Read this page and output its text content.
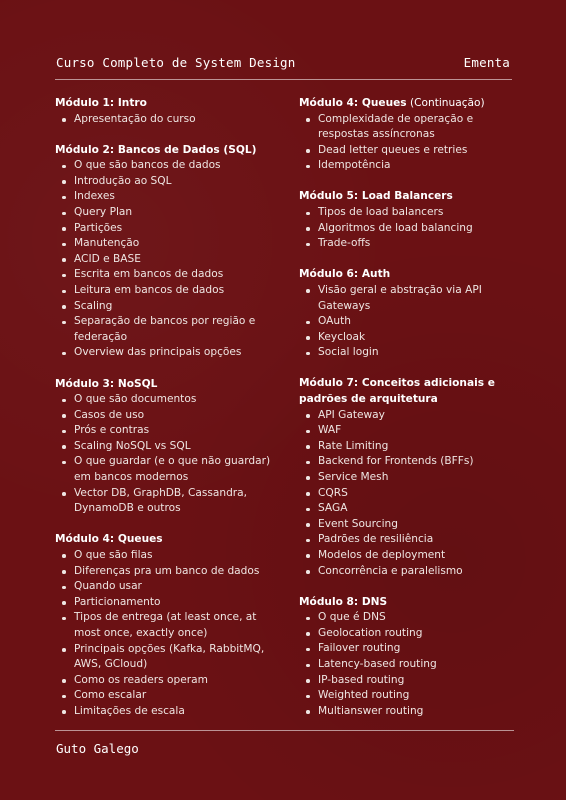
Curso Completo de System Design	Ementa
Módulo 1: Intro
Apresentação do curso
Módulo 2: Bancos de Dados (SQL)
O que são bancos de dados
Introdução ao SQL
Indexes
Query Plan
Partições
Manutenção
ACID e BASE
Escrita em bancos de dados
Leitura em bancos de dados
Scaling
Separação de bancos por região e federação
Overview das principais opções
Módulo 3: NoSQL
O que são documentos
Casos de uso
Prós e contras
Scaling NoSQL vs SQL
O que guardar (e o que não guardar) em bancos modernos
Vector DB, GraphDB, Cassandra, DynamoDB e outros
Módulo 4: Queues
O que são filas
Diferenças pra um banco de dados
Quando usar
Particionamento
Tipos de entrega (at least once, at most once, exactly once)
Principais opções (Kafka, RabbitMQ, AWS, GCloud)
Como os readers operam
Como escalar
Limitações de escala
Módulo 4: Queues (Continuação)
Complexidade de operação e respostas assíncronas
Dead letter queues e retries
Idempotência
Módulo 5: Load Balancers
Tipos de load balancers
Algoritmos de load balancing
Trade-offs
Módulo 6: Auth
Visão geral e abstração via API Gateways
OAuth
Keycloak
Social login
Módulo 7: Conceitos adicionais e padrões de arquitetura
API Gateway
WAF
Rate Limiting
Backend for Frontends (BFFs)
Service Mesh
CQRS
SAGA
Event Sourcing
Padrões de resiliência
Modelos de deployment
Concorrência e paralelismo
Módulo 8: DNS
O que é DNS
Geolocation routing
Failover routing
Latency-based routing
IP-based routing
Weighted routing
Multianswer routing
Guto Galego
